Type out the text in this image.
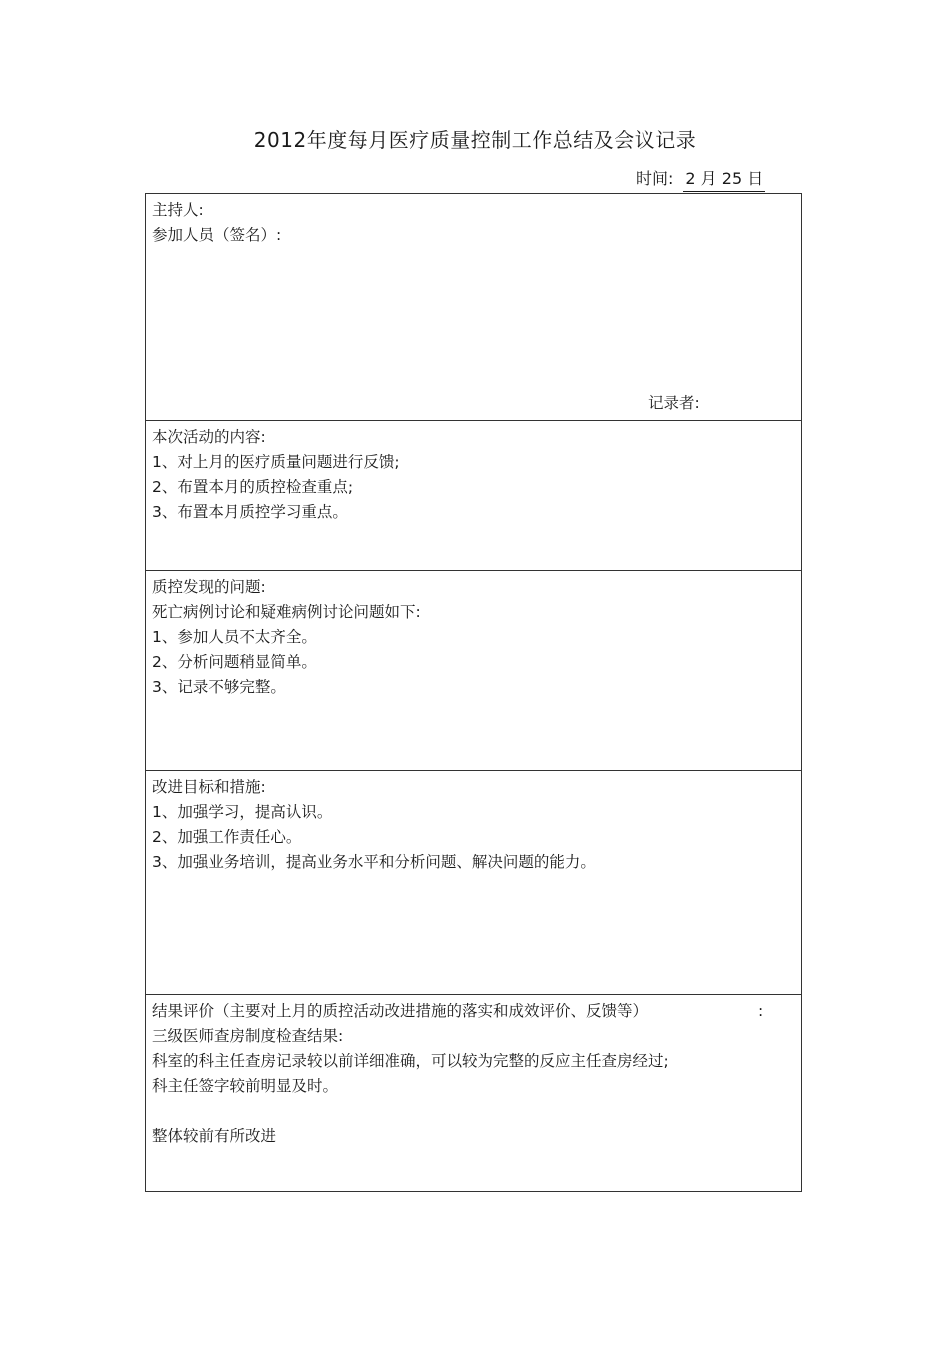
2012年度每月医疗质量控制工作总结及会议记录
时间: 2 月 25 日
主持人:
参加人员（签名）:
记录者:
本次活动的内容:
1、对上月的医疗质量问题进行反馈;
2、布置本月的质控检查重点;
3、布置本月质控学习重点。
质控发现的问题:
死亡病例讨论和疑难病例讨论问题如下:
1、参加人员不太齐全。
2、分析问题稍显简单。
3、记录不够完整。
改进目标和措施:
1、加强学习，提高认识。
2、加强工作责任心。
3、加强业务培训，提高业务水平和分析问题、解决问题的能力。
结果评价（主要对上月的质控活动改进措施的落实和成效评价、反馈等）	:
三级医师查房制度检查结果:
科室的科主任查房记录较以前详细准确，可以较为完整的反应主任查房经过;
科主任签字较前明显及时。
整体较前有所改进
